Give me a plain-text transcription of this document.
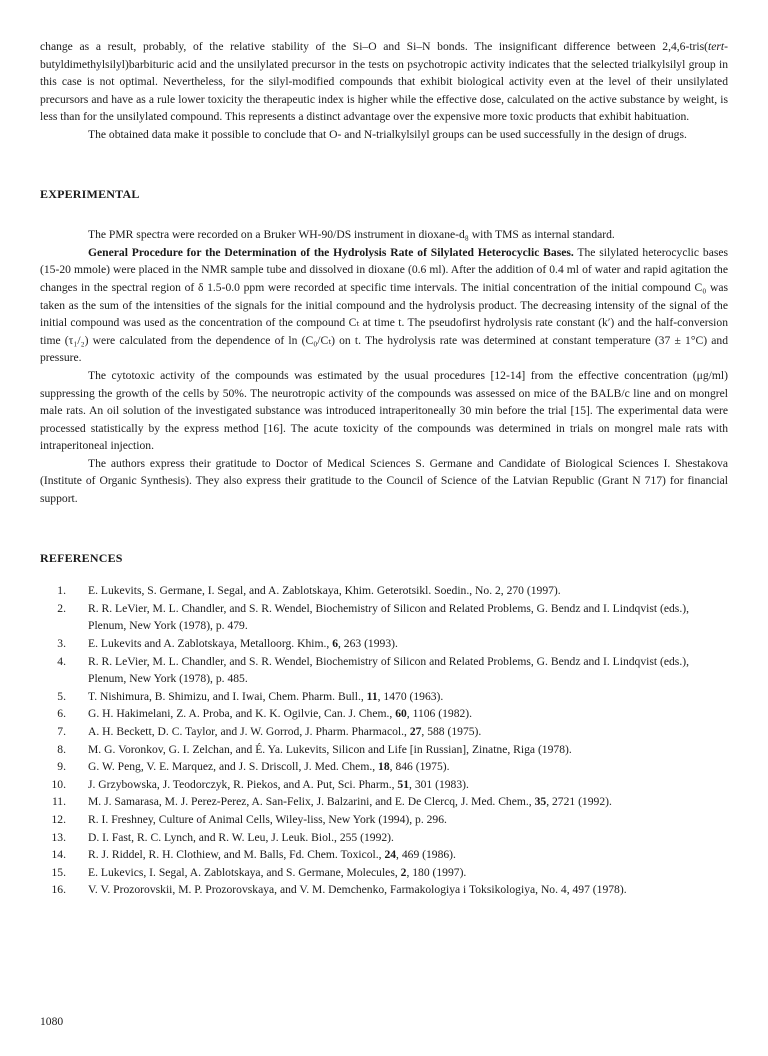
change as a result, probably, of the relative stability of the Si–O and Si–N bonds. The insignificant difference between 2,4,6-tris(tert-butyldimethylsilyl)barbituric acid and the unsilylated precursor in the tests on psychotropic activity indicates that the selected trialkylsilyl group in this case is not optimal. Nevertheless, for the silyl-modified compounds that exhibit biological activity even at the level of their unsilylated precursors and have as a rule lower toxicity the therapeutic index is higher while the effective dose, calculated on the active substance by weight, is less than for the unsilylated compound. This represents a distinct advantage over the expensive more toxic products that exhibit habituation.

The obtained data make it possible to conclude that O- and N-trialkylsilyl groups can be used successfully in the design of drugs.

EXPERIMENTAL

The PMR spectra were recorded on a Bruker WH-90/DS instrument in dioxane-d₈ with TMS as internal standard.

General Procedure for the Determination of the Hydrolysis Rate of Silylated Heterocyclic Bases. The silylated heterocyclic bases (15-20 mmole) were placed in the NMR sample tube and dissolved in dioxane (0.6 ml). After the addition of 0.4 ml of water and rapid agitation the changes in the spectral region of δ 1.5-0.0 ppm were recorded at specific time intervals. The initial concentration of the initial compound C₀ was taken as the sum of the intensities of the signals for the initial compound and the hydrolysis product. The decreasing intensity of the signal of the initial compound was used as the concentration of the compound Cₜ at time t. The pseudofirst hydrolysis rate constant (k′) and the half-conversion time (τ₁/₂) were calculated from the dependence of ln (C₀/Cₜ) on t. The hydrolysis rate was determined at constant temperature (37 ± 1°C) and pressure.

The cytotoxic activity of the compounds was estimated by the usual procedures [12-14] from the effective concentration (μg/ml) suppressing the growth of the cells by 50%. The neurotropic activity of the compounds was assessed on mice of the BALB/c line and on mongrel male rats. An oil solution of the investigated substance was introduced intraperitoneally 30 min before the trial [15]. The experimental data were processed statistically by the express method [16]. The acute toxicity of the compounds was determined in trials on mongrel male rats with intraperitoneal injection.

The authors express their gratitude to Doctor of Medical Sciences S. Germane and Candidate of Biological Sciences I. Shestakova (Institute of Organic Synthesis). They also express their gratitude to the Council of Science of the Latvian Republic (Grant N 717) for financial support.

REFERENCES
1. E. Lukevits, S. Germane, I. Segal, and A. Zablotskaya, Khim. Geterotsikl. Soedin., No. 2, 270 (1997).
2. R. R. LeVier, M. L. Chandler, and S. R. Wendel, Biochemistry of Silicon and Related Problems, G. Bendz and I. Lindqvist (eds.), Plenum, New York (1978), p. 479.
3. E. Lukevits and A. Zablotskaya, Metalloorg. Khim., 6, 263 (1993).
4. R. R. LeVier, M. L. Chandler, and S. R. Wendel, Biochemistry of Silicon and Related Problems, G. Bendz and I. Lindqvist (eds.), Plenum, New York (1978), p. 485.
5. T. Nishimura, B. Shimizu, and I. Iwai, Chem. Pharm. Bull., 11, 1470 (1963).
6. G. H. Hakimelani, Z. A. Proba, and K. K. Ogilvie, Can. J. Chem., 60, 1106 (1982).
7. A. H. Beckett, D. C. Taylor, and J. W. Gorrod, J. Pharm. Pharmacol., 27, 588 (1975).
8. M. G. Voronkov, G. I. Zelchan, and É. Ya. Lukevits, Silicon and Life [in Russian], Zinatne, Riga (1978).
9. G. W. Peng, V. E. Marquez, and J. S. Driscoll, J. Med. Chem., 18, 846 (1975).
10. J. Grzybowska, J. Teodorczyk, R. Piekos, and A. Put, Sci. Pharm., 51, 301 (1983).
11. M. J. Samarasa, M. J. Perez-Perez, A. San-Felix, J. Balzarini, and E. De Clercq, J. Med. Chem., 35, 2721 (1992).
12. R. I. Freshney, Culture of Animal Cells, Wiley-liss, New York (1994), p. 296.
13. D. I. Fast, R. C. Lynch, and R. W. Leu, J. Leuk. Biol., 255 (1992).
14. R. J. Riddel, R. H. Clothiew, and M. Balls, Fd. Chem. Toxicol., 24, 469 (1986).
15. E. Lukevics, I. Segal, A. Zablotskaya, and S. Germane, Molecules, 2, 180 (1997).
16. V. V. Prozorovskii, M. P. Prozorovskaya, and V. M. Demchenko, Farmakologiya i Toksikologiya, No. 4, 497 (1978).
1080
